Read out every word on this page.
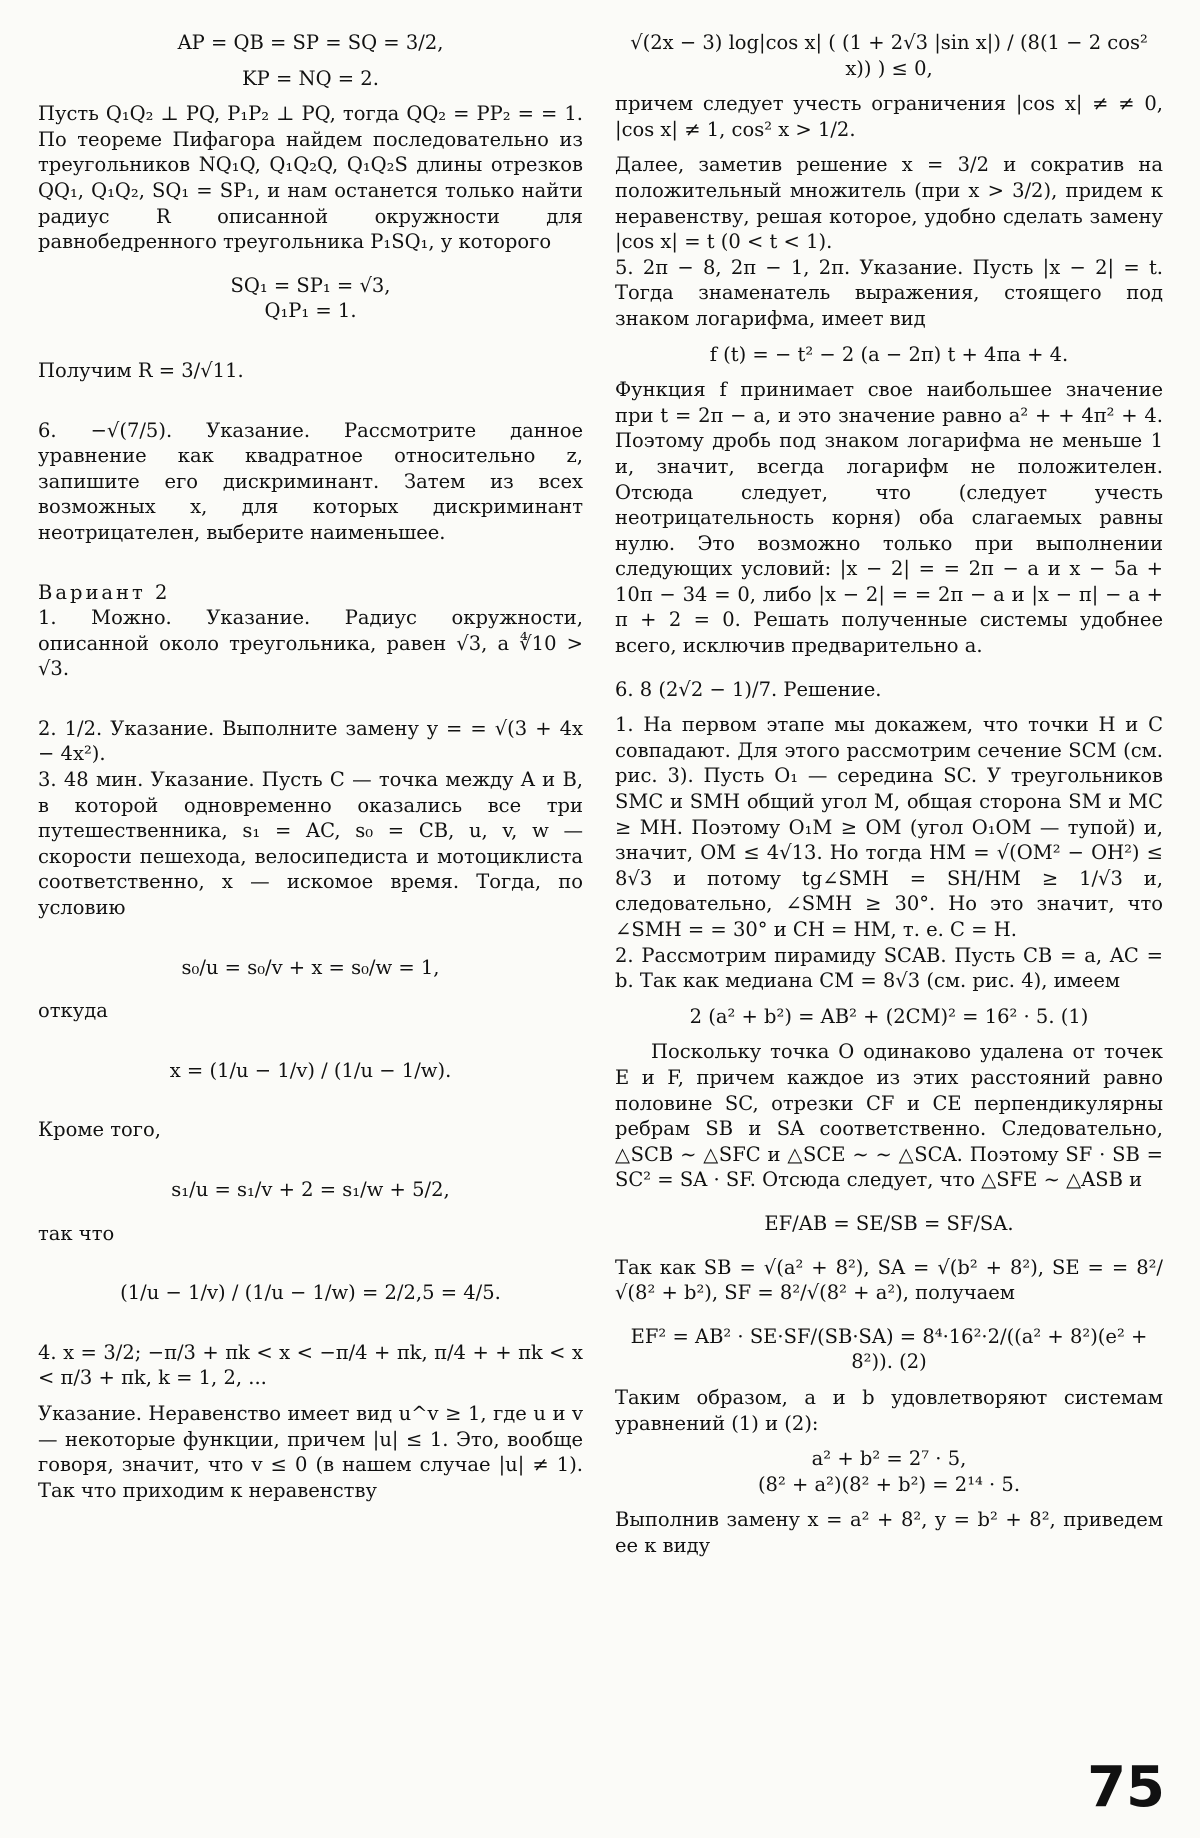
AP = QB = SP = SQ = 3/2,

KP = NQ = 2.

Пусть Q₁Q₂ ⊥ PQ, P₁P₂ ⊥ PQ, тогда QQ₂ = PP₂ = = 1. По теореме Пифагора найдем последовательно из треугольников NQ₁Q, Q₁Q₂Q, Q₁Q₂S длины отрезков QQ₁, Q₁Q₂, SQ₁ = SP₁, и нам останется только найти радиус R описанной окружности для равнобедренного треугольника P₁SQ₁, у которого

SQ₁ = SP₁ = √3,

Q₁P₁ = 1.

Получим R = 3/√11.

6. −√(7/5). Указание. Рассмотрите данное уравнение как квадратное относительно z, запишите его дискриминант. Затем из всех возможных x, для которых дискриминант неотрицателен, выберите наименьшее.

Вариант 2

1. Можно. Указание. Радиус окружности, описанной около треугольника, равен √3, а ∜10 > √3.

2. 1/2. Указание. Выполните замену y = = √(3 + 4x − 4x²).

3. 48 мин. Указание. Пусть C — точка между A и B, в которой одновременно оказались все три путешественника, s₁ = AC, s₀ = CB, u, v, w — скорости пешехода, велосипедиста и мотоциклиста соответственно, x — искомое время. Тогда, по условию

s₀/u = s₀/v + x = s₀/w = 1,

откуда

x = (1/u − 1/v) / (1/u − 1/w).

Кроме того,

s₁/u = s₁/v + 2 = s₁/w + 5/2,

так что

(1/u − 1/v) / (1/u − 1/w) = 2/2,5 = 4/5.

4. x = 3/2; −π/3 + πk < x < −π/4 + πk, π/4 + + πk < x < π/3 + πk, k = 1, 2, ...

Указание. Неравенство имеет вид u^v ≥ 1, где u и v — некоторые функции, причем |u| ≤ 1. Это, вообще говоря, значит, что v ≤ 0 (в нашем случае |u| ≠ 1). Так что приходим к неравенству

√(2x − 3) log|cos x| ( (1 + 2√3 |sin x|) / (8(1 − 2 cos² x)) ) ≤ 0,

причем следует учесть ограничения |cos x| ≠ ≠ 0, |cos x| ≠ 1, cos² x > 1/2.

Далее, заметив решение x = 3/2 и сократив на положительный множитель (при x > 3/2), придем к неравенству, решая которое, удобно сделать замену |cos x| = t (0 < t < 1).

5. 2π − 8, 2π − 1, 2π. Указание. Пусть |x − 2| = t. Тогда знаменатель выражения, стоящего под знаком логарифма, имеет вид

f (t) = − t² − 2 (a − 2π) t + 4πa + 4.

Функция f принимает свое наибольшее значение при t = 2π − a, и это значение равно a² + + 4π² + 4. Поэтому дробь под знаком логарифма не меньше 1 и, значит, всегда логарифм не положителен. Отсюда следует, что (следует учесть неотрицательность корня) оба слагаемых равны нулю. Это возможно только при выполнении следующих условий: |x − 2| = = 2π − a и x − 5a + 10π − 34 = 0, либо |x − 2| = = 2π − a и |x − π| − a + π + 2 = 0. Решать полученные системы удобнее всего, исключив предварительно a.

6. 8 (2√2 − 1)/7. Решение.

1. На первом этапе мы докажем, что точки H и C совпадают. Для этого рассмотрим сечение SCM (см. рис. 3). Пусть O₁ — середина SC. У треугольников SMC и SMH общий угол M, общая сторона SM и MC ≥ MH. Поэтому O₁M ≥ OM (угол O₁OM — тупой) и, значит, OM ≤ 4√13. Но тогда HM = √(OM² − OH²) ≤ 8√3 и потому tg∠SMH = SH/HM ≥ 1/√3 и, следовательно, ∠SMH ≥ 30°. Но это значит, что ∠SMH = = 30° и CH = HM, т. е. C = H.

2. Рассмотрим пирамиду SCAB. Пусть CB = a, AC = b. Так как медиана CM = 8√3 (см. рис. 4), имеем

2 (a² + b²) = AB² + (2CM)² = 16² · 5. (1)

Поскольку точка O одинаково удалена от точек E и F, причем каждое из этих расстояний равно половине SC, отрезки CF и CE перпендикулярны ребрам SB и SA соответственно. Следовательно, △SCB ∼ △SFC и △SCE ∼ ∼ △SCA. Поэтому SF · SB = SC² = SA · SF. Отсюда следует, что △SFE ∼ △ASB и

EF/AB = SE/SB = SF/SA.

Так как SB = √(a² + 8²), SA = √(b² + 8²), SE = = 8²/√(8² + b²), SF = 8²/√(8² + a²), получаем

EF² = AB² · SE·SF/(SB·SA) = 8⁴·16²·2/((a² + 8²)(e² + 8²)). (2)

Таким образом, a и b удовлетворяют системам уравнений (1) и (2):

a² + b² = 2⁷ · 5,

(8² + a²)(8² + b²) = 2¹⁴ · 5.

Выполнив замену x = a² + 8², y = b² + 8², приведем ее к виду

75
